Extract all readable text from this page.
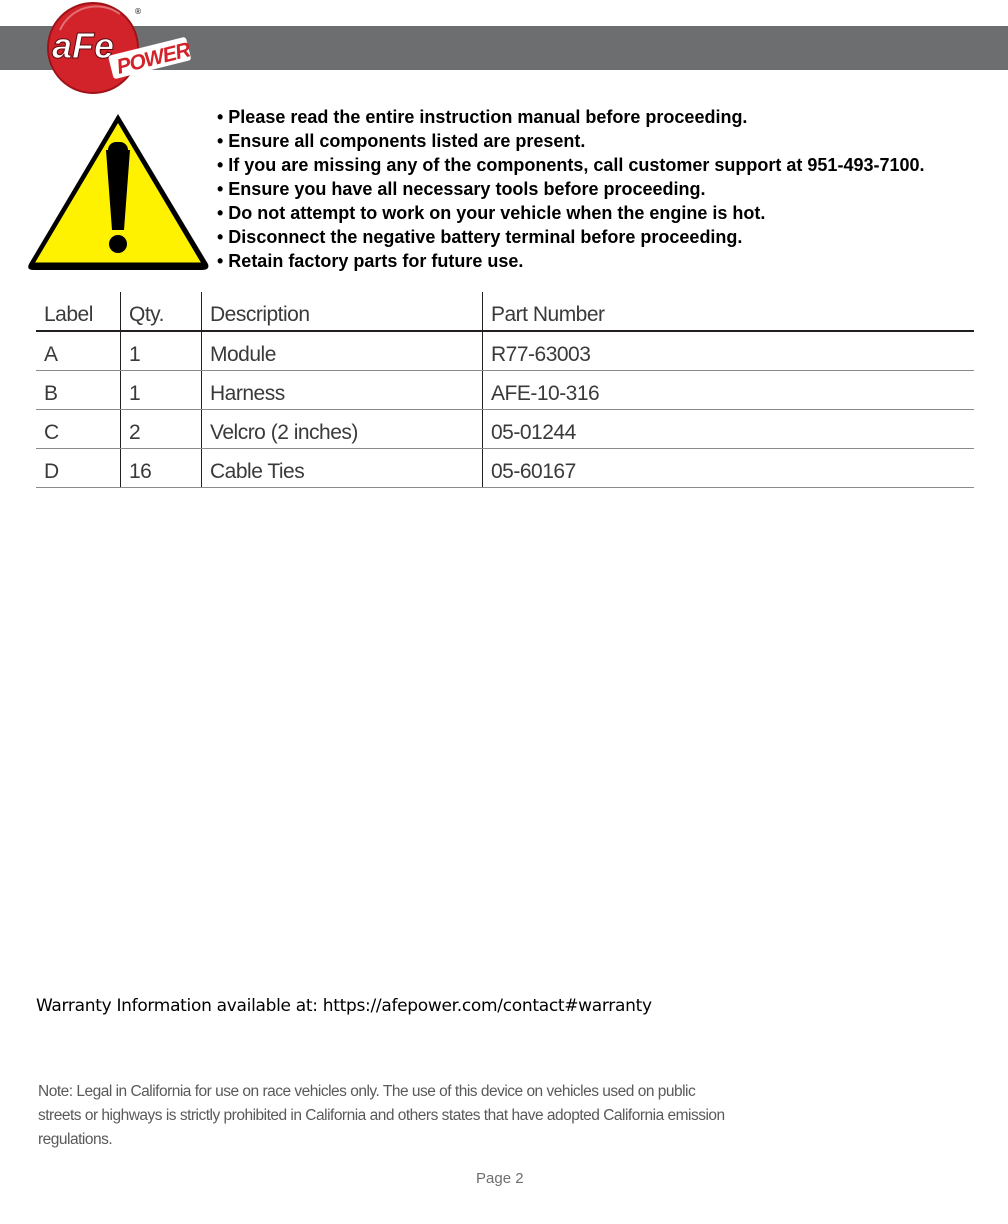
aFe POWER
®
• Please read the entire instruction manual before proceeding.
• Ensure all components listed are present.
• If you are missing any of the components, call customer support at 951-493-7100.
• Ensure you have all necessary tools before proceeding.
• Do not attempt to work on your vehicle when the engine is hot.
• Disconnect the negative battery terminal before proceeding.
• Retain factory parts for future use.
Label	Qty.	Description	Part Number
A	1	Module	R77-63003
B	1	Harness	AFE-10-316
C	2	Velcro (2 inches)	05-01244
D	16	Cable Ties	05-60167
Warranty Information available at: https://afepower.com/contact#warranty

Note: Legal in California for use on race vehicles only. The use of this device on vehicles used on public streets or highways is strictly prohibited in California and others states that have adopted California emission regulations.

Page 2
